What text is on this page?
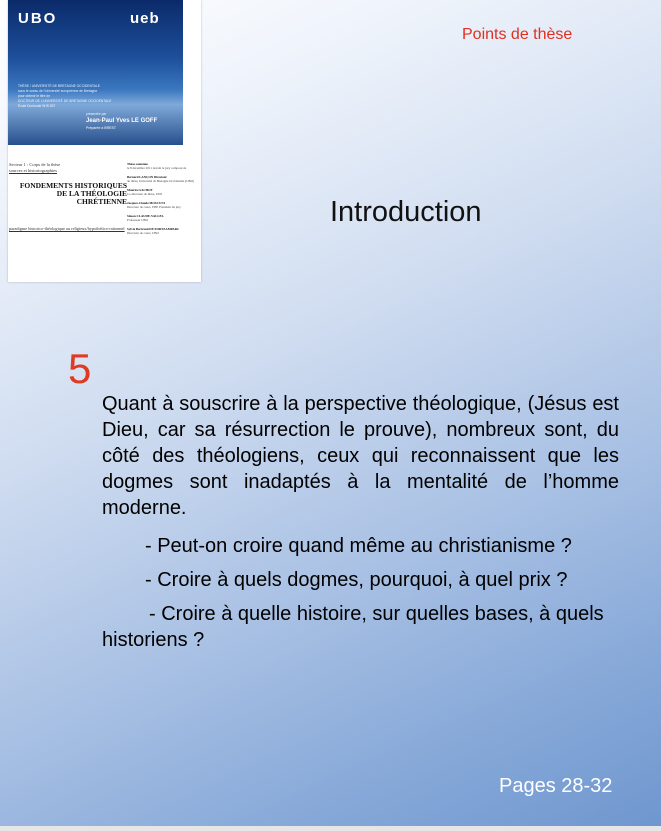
UBO	ueb
THÈSE / UNIVERSITÉ DE BRETAGNE OCCIDENTALE
sous le sceau de l’Université européenne de Bretagne
pour obtenir le titre de
DOCTEUR DE L’UNIVERSITÉ DE BRETAGNE OCCIDENTALE
École Doctorale SHS 507
présentée par
Jean-Paul Yves LE GOFF
Préparée à BREST
Secteur 1 : Corps de la thèse
sources et historiographies
FONDEMENTS HISTORIQUES DE LA THÉOLOGIE CHRÉTIENNE
paradigme historico-théologique au religieux/hypothético-rationnel
Thèse soutenue
le 8 décembre 2011 devant le jury composé de
Bernard LANÇON Directeur
de thèse, Université de Bretagne Occidentale (UBO)
Maurice SACHOT
Co-directeur de thèse, UDS
Jacques-Claude MOSCUNI
Directeur de cours, EHE Président du jury
Simon CLAUDE-VALLEL
Professeur UBO
Sylvie Bertrand DE PORTZAMPARC
Directeur de cours, UBO
Points de thèse
Introduction
5

Quant à souscrire à la perspective théologique, (Jésus est Dieu, car sa résurrection le prouve), nombreux sont, du côté des théologiens, ceux qui reconnaissent que les dogmes sont inadaptés à la mentalité de l’homme moderne.

- Peut-on croire quand même au christianisme ?

- Croire à quels dogmes, pourquoi, à quel prix ?

- Croire à quelle histoire, sur quelles bases, à quels historiens ?

Pages 28-32
